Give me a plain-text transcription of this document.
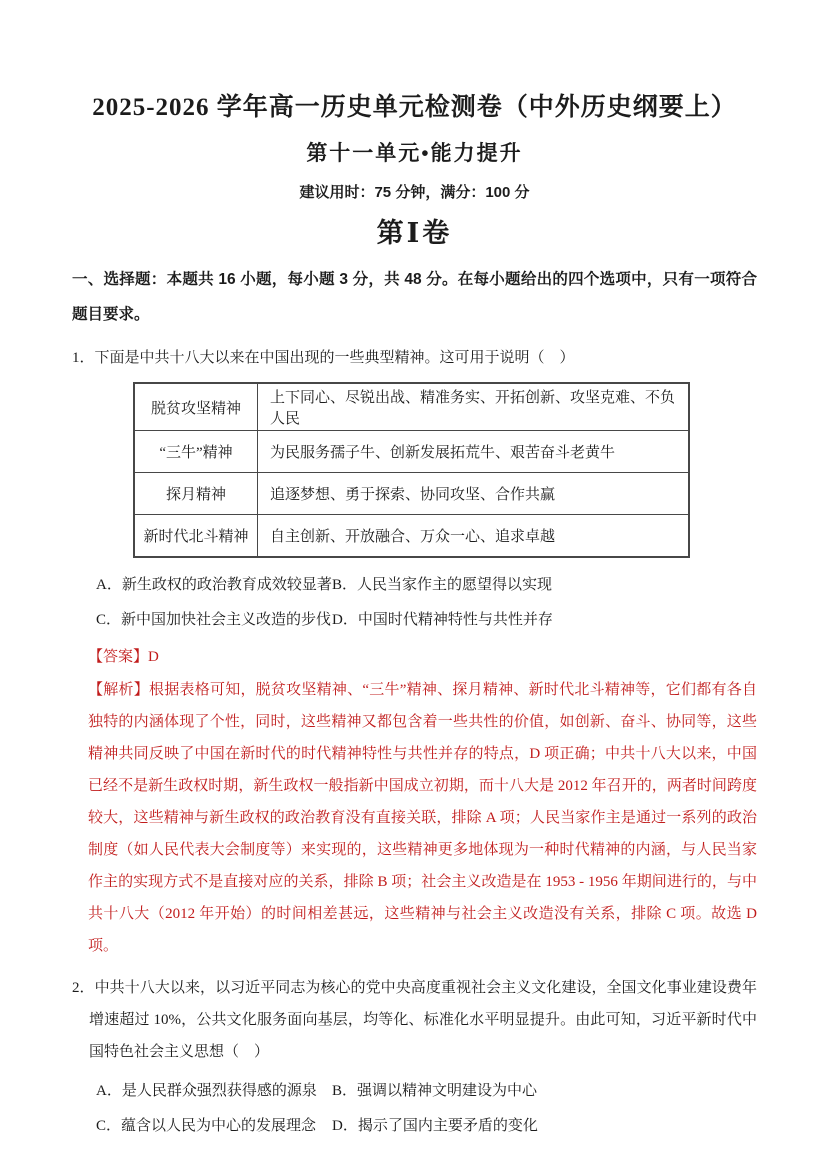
2025-2026 学年高一历史单元检测卷（中外历史纲要上）
第十一单元•能力提升
建议用时：75 分钟，满分：100 分
第Ⅰ卷

一、选择题：本题共 16 小题，每小题 3 分，共 48 分。在每小题给出的四个选项中，只有一项符合题目要求。

1．下面是中共十八大以来在中国出现的一些典型精神。这可用于说明（　）

脱贫攻坚精神	上下同心、尽锐出战、精准务实、开拓创新、攻坚克难、不负人民
“三牛”精神	为民服务孺子牛、创新发展拓荒牛、艰苦奋斗老黄牛
探月精神	追逐梦想、勇于探索、协同攻坚、合作共赢
新时代北斗精神	自主创新、开放融合、万众一心、追求卓越
A．新生政权的政治教育成效较显著 B．人民当家作主的愿望得以实现
C．新中国加快社会主义改造的步伐 D．中国时代精神特性与共性并存

【答案】D

【解析】根据表格可知，脱贫攻坚精神、“三牛”精神、探月精神、新时代北斗精神等，它们都有各自独特的内涵体现了个性，同时，这些精神又都包含着一些共性的价值，如创新、奋斗、协同等，这些精神共同反映了中国在新时代的时代精神特性与共性并存的特点，D 项正确；中共十八大以来，中国已经不是新生政权时期，新生政权一般指新中国成立初期，而十八大是 2012 年召开的，两者时间跨度较大，这些精神与新生政权的政治教育没有直接关联，排除 A 项；人民当家作主是通过一系列的政治制度（如人民代表大会制度等）来实现的，这些精神更多地体现为一种时代精神的内涵，与人民当家作主的实现方式不是直接对应的关系，排除 B 项；社会主义改造是在 1953 - 1956 年期间进行的，与中共十八大（2012 年开始）的时间相差甚远，这些精神与社会主义改造没有关系，排除 C 项。故选 D 项。

2．中共十八大以来，以习近平同志为核心的党中央高度重视社会主义文化建设，全国文化事业建设费年增速超过 10%，公共文化服务面向基层，均等化、标准化水平明显提升。由此可知，习近平新时代中国特色社会主义思想（　）

A．是人民群众强烈获得感的源泉	B．强调以精神文明建设为中心
C．蕴含以人民为中心的发展理念	D．揭示了国内主要矛盾的变化
